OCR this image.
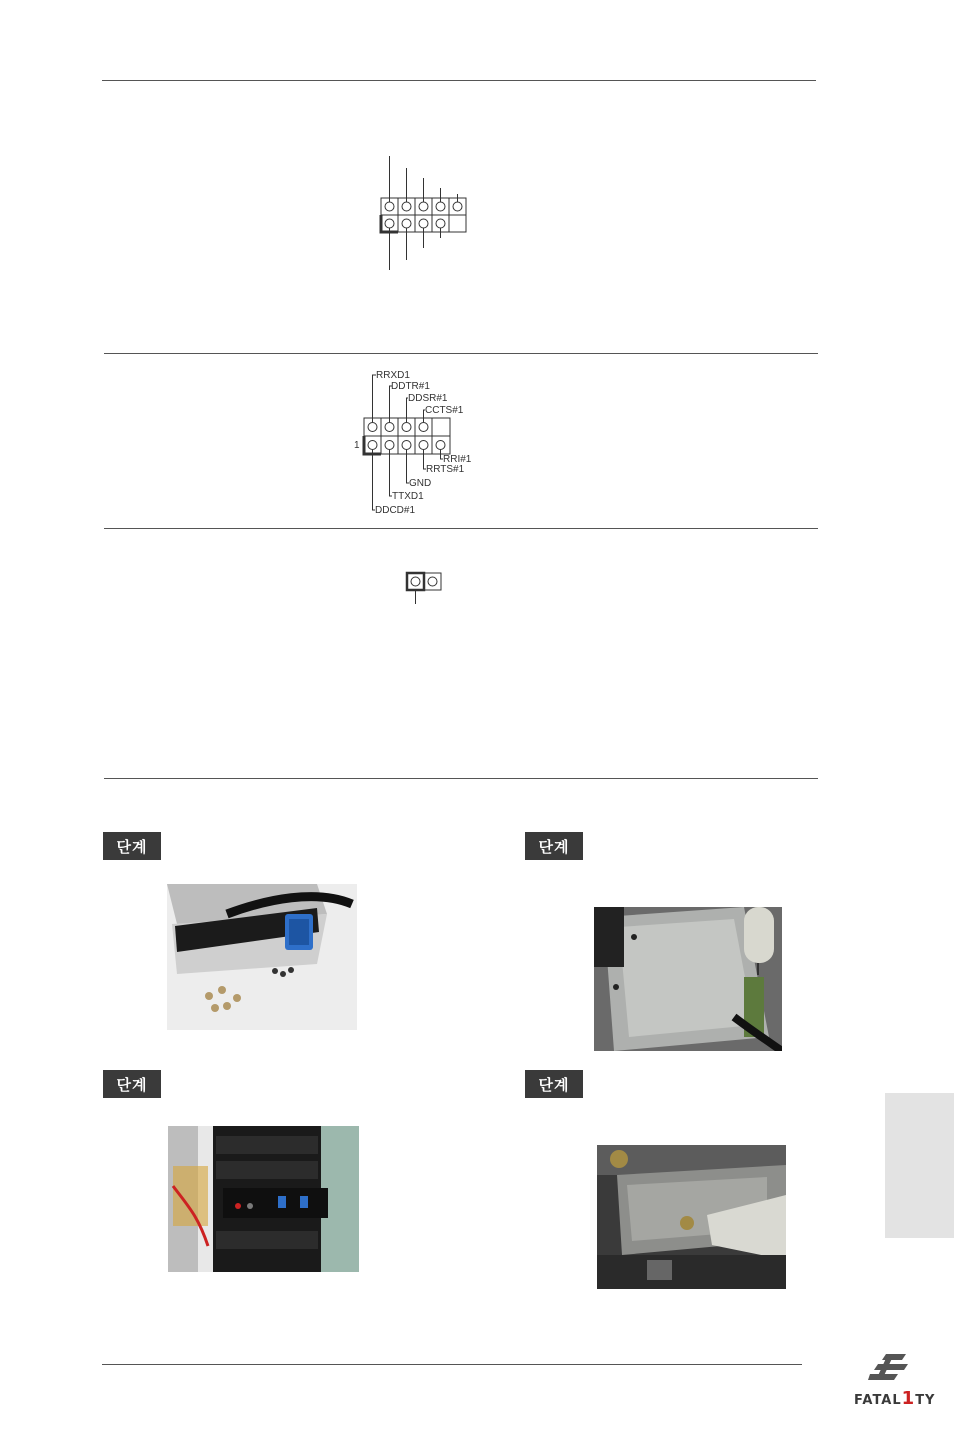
RRXD1
DDTR#1
DDSR#1
CCTS#1
RRI#1
RRTS#1
GND
TTXD1
DDCD#1
1
단계	단계
단계	단계
FATAL1TY
